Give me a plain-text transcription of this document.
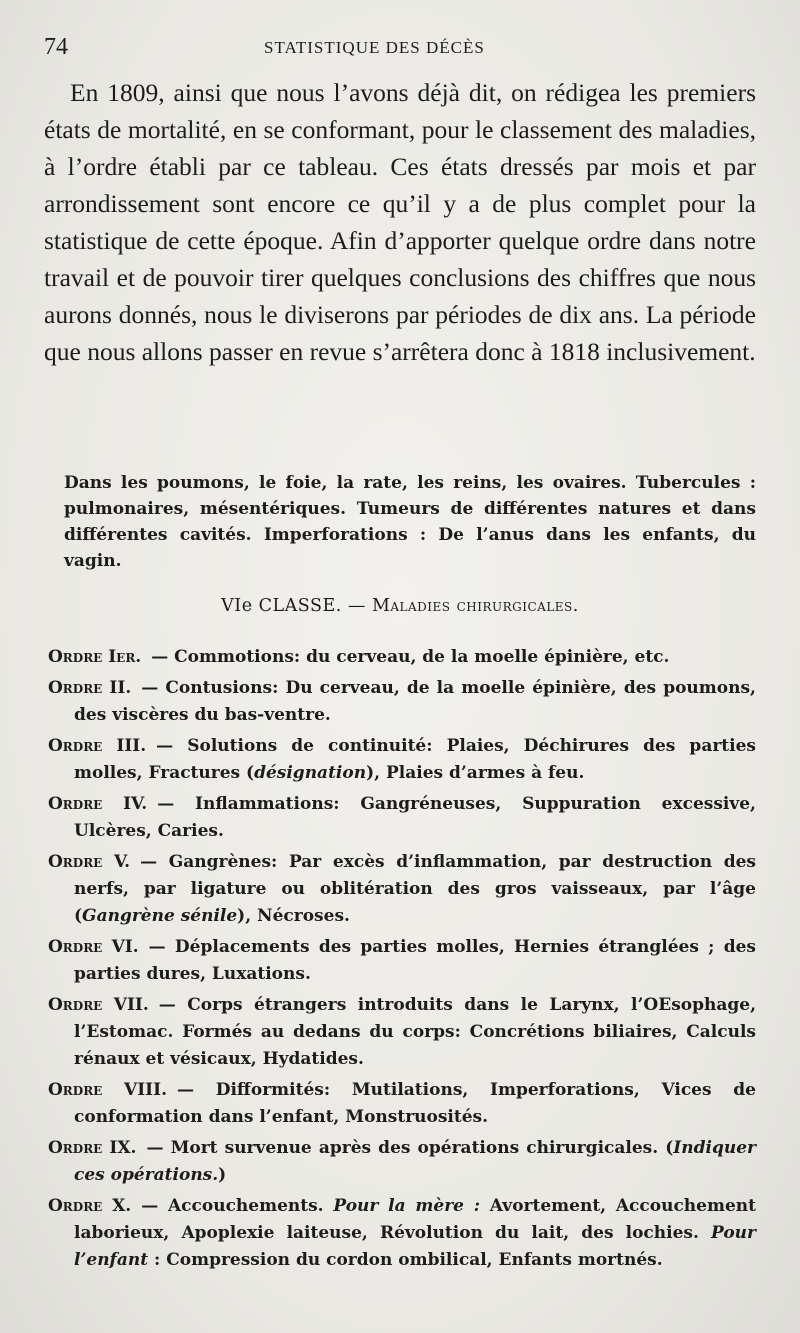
74	STATISTIQUE DES DÉCÈS

En 1809, ainsi que nous l’avons déjà dit, on rédigea les premiers états de mortalité, en se conformant, pour le classement des maladies, à l’ordre établi par ce tableau. Ces états dressés par mois et par arrondissement sont encore ce qu’il y a de plus complet pour la statistique de cette époque. Afin d’apporter quelque ordre dans notre travail et de pouvoir tirer quelques conclusions des chiffres que nous aurons donnés, nous le diviserons par périodes de dix ans. La période que nous allons passer en revue s’arrêtera donc à 1818 inclusivement.

Dans les poumons, le foie, la rate, les reins, les ovaires. Tubercules : pulmonaires, mésentériques. Tumeurs de différentes natures et dans différentes cavités. Imperforations : De l’anus dans les enfants, du vagin.

VIe CLASSE. — Maladies chirurgicales.

Ordre Ier. — Commotions: du cerveau, de la moelle épinière, etc.

Ordre II. — Contusions: Du cerveau, de la moelle épinière, des poumons, des viscères du bas-ventre.

Ordre III. — Solutions de continuité: Plaies, Déchirures des parties molles, Fractures (désignation), Plaies d’armes à feu.

Ordre IV. — Inflammations: Gangréneuses, Suppuration excessive, Ulcères, Caries.

Ordre V. — Gangrènes: Par excès d’inflammation, par destruction des nerfs, par ligature ou oblitération des gros vaisseaux, par l’âge (Gangrène sénile), Nécroses.

Ordre VI. — Déplacements des parties molles, Hernies étranglées ; des parties dures, Luxations.

Ordre VII. — Corps étrangers introduits dans le Larynx, l’OEsophage, l’Estomac. Formés au dedans du corps: Concrétions biliaires, Calculs rénaux et vésicaux, Hydatides.

Ordre VIII. — Difformités: Mutilations, Imperforations, Vices de conformation dans l’enfant, Monstruosités.

Ordre IX. — Mort survenue après des opérations chirurgicales. (Indiquer ces opérations.)

Ordre X. — Accouchements. Pour la mère : Avortement, Accouchement laborieux, Apoplexie laiteuse, Révolution du lait, des lochies. Pour l’enfant : Compression du cordon ombilical, Enfants mortnés.
